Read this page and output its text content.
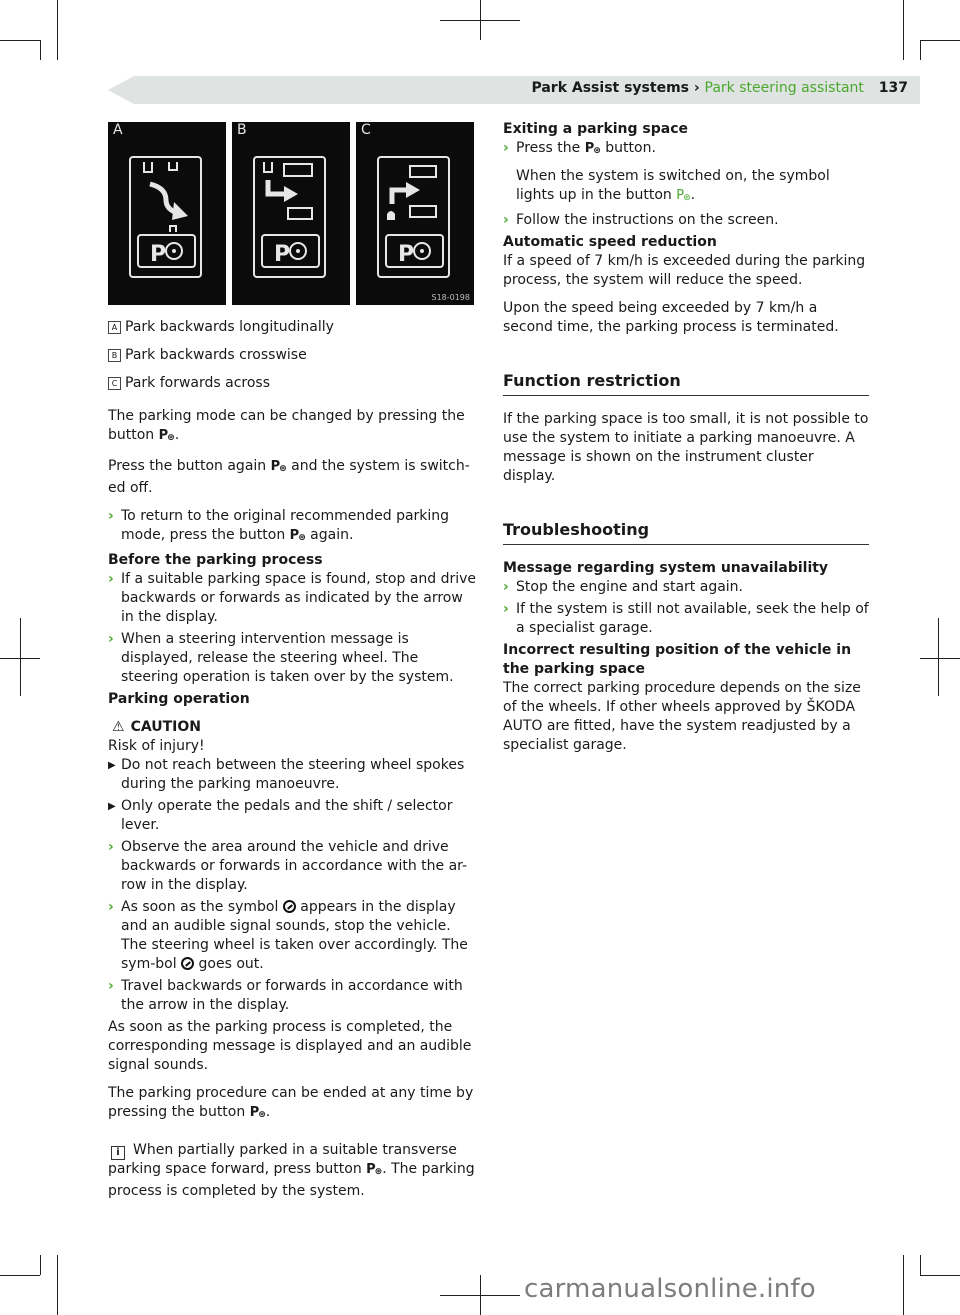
Park Assist systems › Park steering assistant 137
P	P	P
S18-0198
A	B	C
A Park backwards longitudinally
B Park backwards crosswise
C Park forwards across
The parking mode can be changed by pressing the button P⊛.
Press the button again P⊛ and the system is switch-ed off.
› To return to the original recommended parking mode, press the button P⊛ again.
Before the parking process
› If a suitable parking space is found, stop and drive backwards or forwards as indicated by the arrow in the display.
› When a steering intervention message is displayed, release the steering wheel. The steering operation is taken over by the system.
Parking operation
⚠ CAUTION
Risk of injury!
▶ Do not reach between the steering wheel spokes during the parking manoeuvre.
▶ Only operate the pedals and the shift / selector lever.
› Observe the area around the vehicle and drive backwards or forwards in accordance with the ar-row in the display.
› As soon as the symbol  appears in the display and an audible signal sounds, stop the vehicle. The steering wheel is taken over accordingly. The sym-bol  goes out.
› Travel backwards or forwards in accordance with the arrow in the display.
As soon as the parking process is completed, the corresponding message is displayed and an audible signal sounds.
The parking procedure can be ended at any time by pressing the button P⊛.
i When partially parked in a suitable transverse parking space forward, press button P⊛. The parking process is completed by the system.
Exiting a parking space
› Press the P⊛ button.
When the system is switched on, the symbol lights up in the button P⊛.
› Follow the instructions on the screen.
Automatic speed reduction
If a speed of 7 km/h is exceeded during the parking process, the system will reduce the speed.
Upon the speed being exceeded by 7 km/h a second time, the parking process is terminated.
Function restriction
If the parking space is too small, it is not possible to use the system to initiate a parking manoeuvre. A message is shown on the instrument cluster display.
Troubleshooting
Message regarding system unavailability
› Stop the engine and start again.
› If the system is still not available, seek the help of a specialist garage.
Incorrect resulting position of the vehicle in the parking space
The correct parking procedure depends on the size of the wheels. If other wheels approved by ŠKODA AUTO are fitted, have the system readjusted by a specialist garage.
carmanualsonline.info
